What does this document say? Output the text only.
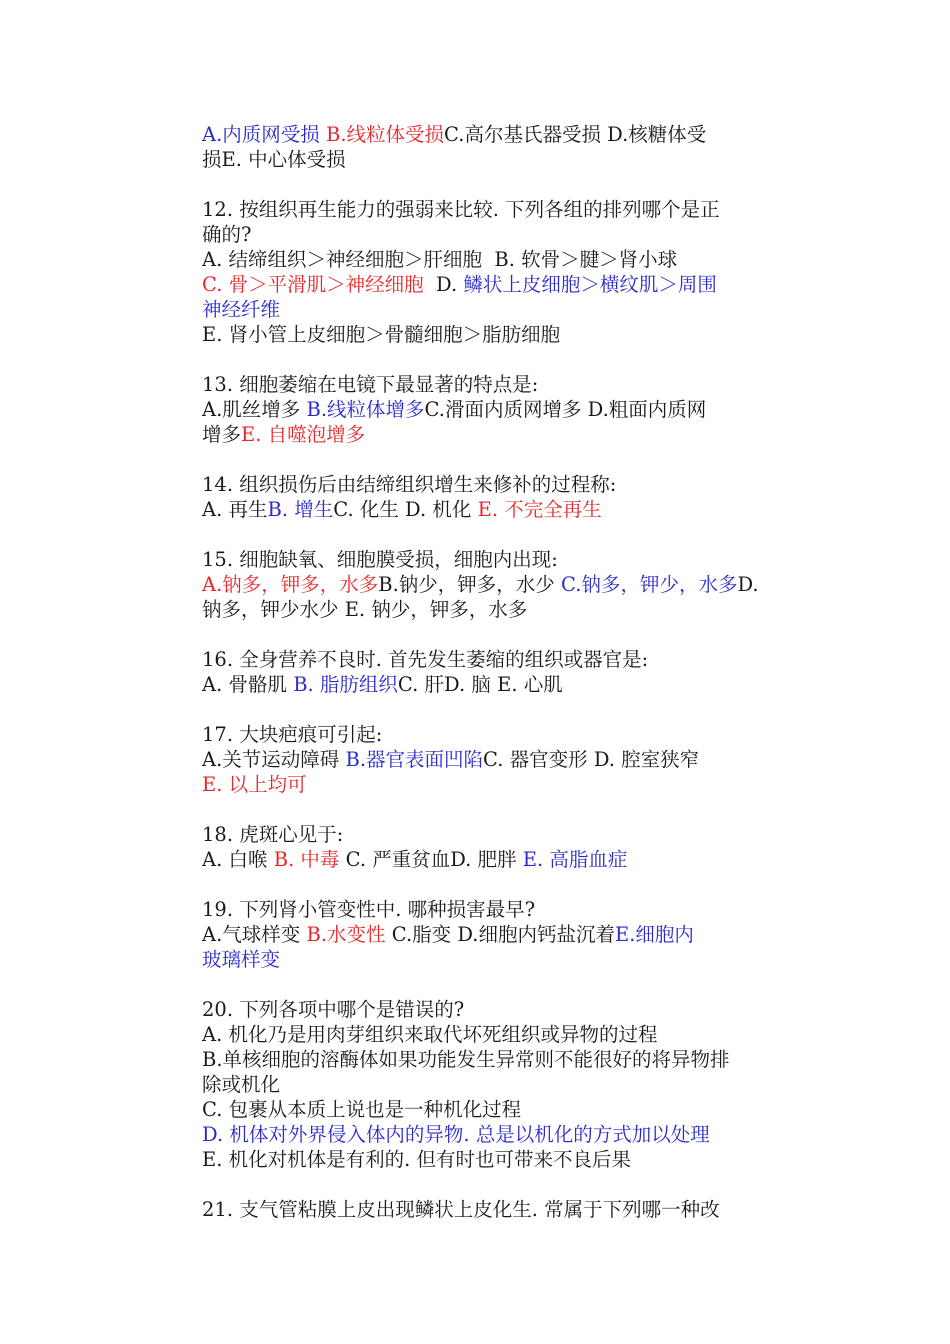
A.内质网受损 B.线粒体受损C.高尔基氏器受损 D.核糖体受
损E. 中心体受损
12. 按组织再生能力的强弱来比较. 下列各组的排列哪个是正
确的?
A. 结缔组织＞神经细胞＞肝细胞  B. 软骨＞腱＞肾小球
C. 骨＞平滑肌＞神经细胞  D. 鳞状上皮细胞＞横纹肌＞周围
神经纤维
E. 肾小管上皮细胞＞骨髓细胞＞脂肪细胞
13. 细胞萎缩在电镜下最显著的特点是:
A.肌丝增多 B.线粒体增多C.滑面内质网增多 D.粗面内质网
增多E. 自噬泡增多
14. 组织损伤后由结缔组织增生来修补的过程称:
A. 再生B. 增生C. 化生 D. 机化 E. 不完全再生
15. 细胞缺氧、细胞膜受损，细胞内出现:
A.钠多，钾多，水多B.钠少，钾多，水少 C.钠多，钾少，水多D.
钠多，钾少水少 E. 钠少，钾多，水多
16. 全身营养不良时. 首先发生萎缩的组织或器官是:
A. 骨骼肌 B. 脂肪组织C. 肝D. 脑 E. 心肌
17. 大块疤痕可引起:
A.关节运动障碍 B.器官表面凹陷C. 器官变形 D. 腔室狭窄
E. 以上均可
18. 虎斑心见于:
A. 白喉 B. 中毒 C. 严重贫血D. 肥胖 E. 高脂血症
19. 下列肾小管变性中. 哪种损害最早?
A.气球样变 B.水变性 C.脂变 D.细胞内钙盐沉着E.细胞内
玻璃样变
20. 下列各项中哪个是错误的?
A. 机化乃是用肉芽组织来取代坏死组织或异物的过程
B.单核细胞的溶酶体如果功能发生异常则不能很好的将异物排
除或机化
C. 包裹从本质上说也是一种机化过程
D. 机体对外界侵入体内的异物. 总是以机化的方式加以处理
E. 机化对机体是有利的. 但有时也可带来不良后果
21. 支气管粘膜上皮出现鳞状上皮化生. 常属于下列哪一种改
